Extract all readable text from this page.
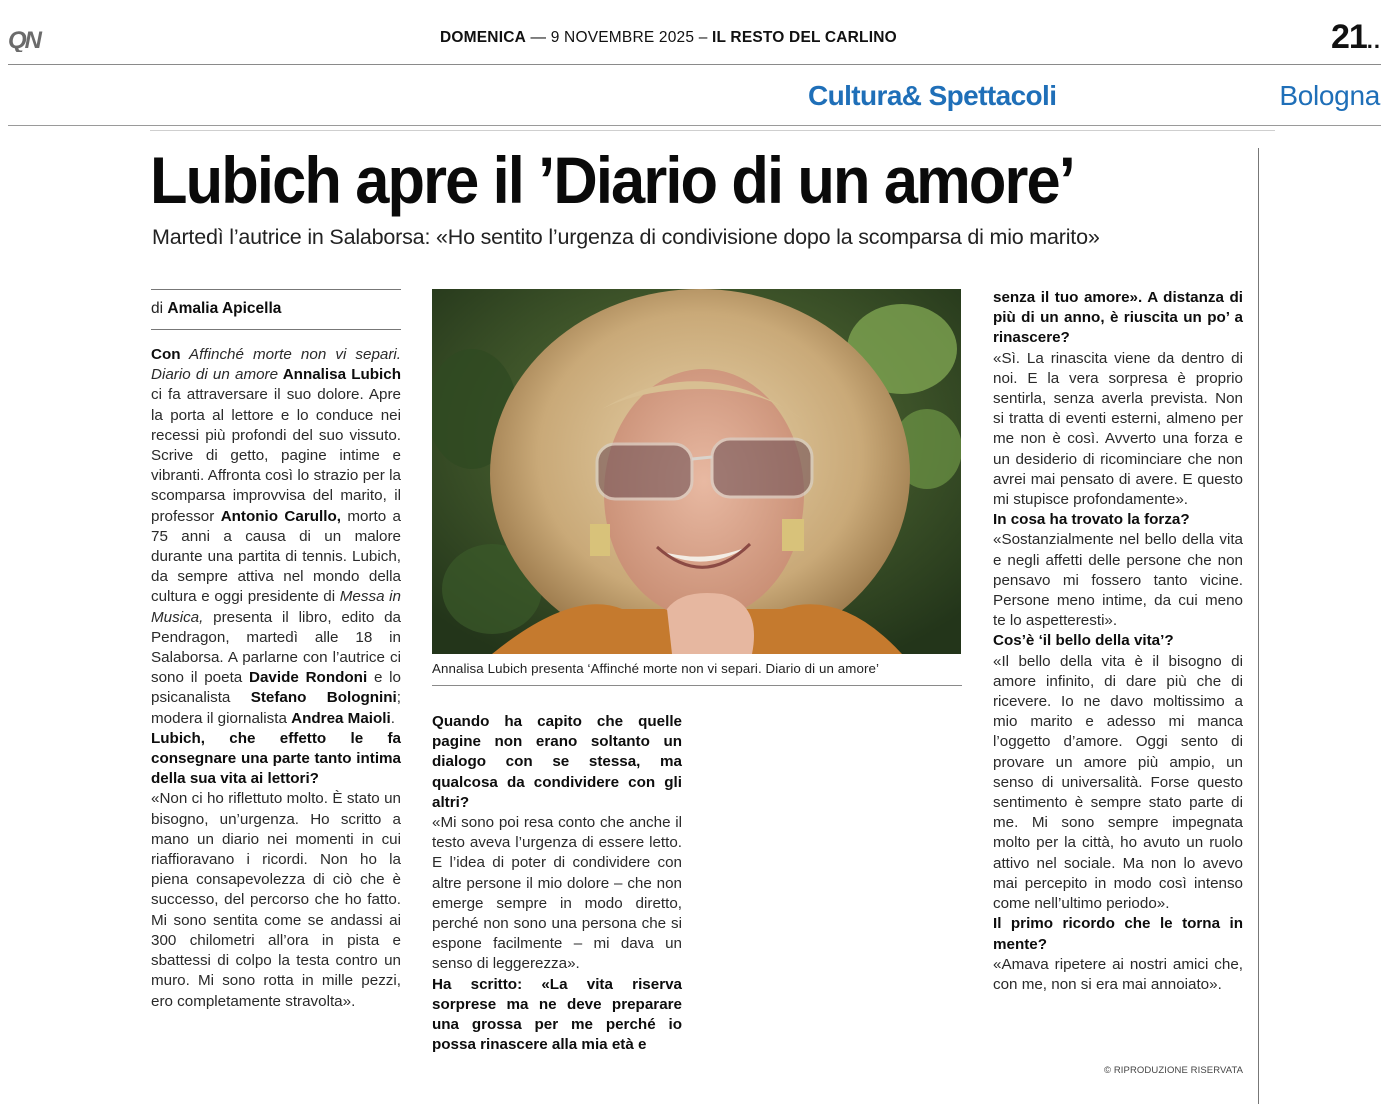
QN	DOMENICA — 9 NOVEMBRE 2025 – IL RESTO DEL CARLINO	21..
Cultura& Spettacoli	Bologna
Lubich apre il ’Diario di un amore’
Martedì l’autrice in Salaborsa: «Ho sentito l’urgenza di condivisione dopo la scomparsa di mio marito»
di Amalia Apicella

Con Affinché morte non vi separi. Diario di un amore Annalisa Lubich ci fa attraversare il suo dolore. Apre la porta al lettore e lo conduce nei recessi più profondi del suo vissuto. Scrive di getto, pagine intime e vibranti. Affronta così lo strazio per la scomparsa improvvisa del marito, il professor Antonio Carullo, morto a 75 anni a causa di un malore durante una partita di tennis. Lubich, da sempre attiva nel mondo della cultura e oggi presidente di Messa in Musica, presenta il libro, edito da Pendragon, martedì alle 18 in Salaborsa. A parlarne con l’autrice ci sono il poeta Davide Rondoni e lo psicanalista Stefano Bolognini; modera il giornalista Andrea Maioli.

Lubich, che effetto le fa consegnare una parte tanto intima della sua vita ai lettori?

«Non ci ho riflettuto molto. È stato un bisogno, un’urgenza. Ho scritto a mano un diario nei momenti in cui riaffioravano i ricordi. Non ho la piena consapevolezza di ciò che è successo, del percorso che ho fatto. Mi sono sentita come se andassi ai 300 chilometri all’ora in pista e sbattessi di colpo la testa contro un muro. Mi sono rotta in mille pezzi, ero completamente stravolta».

Annalisa Lubich presenta ‘Affinché morte non vi separi. Diario di un amore’

Quando ha capito che quelle pagine non erano soltanto un dialogo con se stessa, ma qualcosa da condividere con gli altri?

«Mi sono poi resa conto che anche il testo aveva l’urgenza di essere letto. E l’idea di poter di condividere con altre persone il mio dolore – che non emerge sempre in modo diretto, perché non sono una persona che si espone facilmente – mi dava un senso di leggerezza».

Ha scritto: «La vita riserva sorprese ma ne deve preparare una grossa per me perché io possa rinascere alla mia età e

senza il tuo amore». A distanza di più di un anno, è riuscita un po’ a rinascere?

«Sì. La rinascita viene da dentro di noi. E la vera sorpresa è proprio sentirla, senza averla prevista. Non si tratta di eventi esterni, almeno per me non è così. Avverto una forza e un desiderio di ricominciare che non avrei mai pensato di avere. E questo mi stupisce profondamente».

In cosa ha trovato la forza?

«Sostanzialmente nel bello della vita e negli affetti delle persone che non pensavo mi fossero tanto vicine. Persone meno intime, da cui meno te lo aspetteresti».

Cos’è ‘il bello della vita’?

«Il bello della vita è il bisogno di amore infinito, di dare più che di ricevere. Io ne davo moltissimo a mio marito e adesso mi manca l’oggetto d’amore. Oggi sento di provare un amore più ampio, un senso di universalità. Forse questo sentimento è sempre stato parte di me. Mi sono sempre impegnata molto per la città, ho avuto un ruolo attivo nel sociale. Ma non lo avevo mai percepito in modo così intenso come nell’ultimo periodo».

Il primo ricordo che le torna in mente?

«Amava ripetere ai nostri amici che, con me, non si era mai annoiato».

© RIPRODUZIONE RISERVATA
